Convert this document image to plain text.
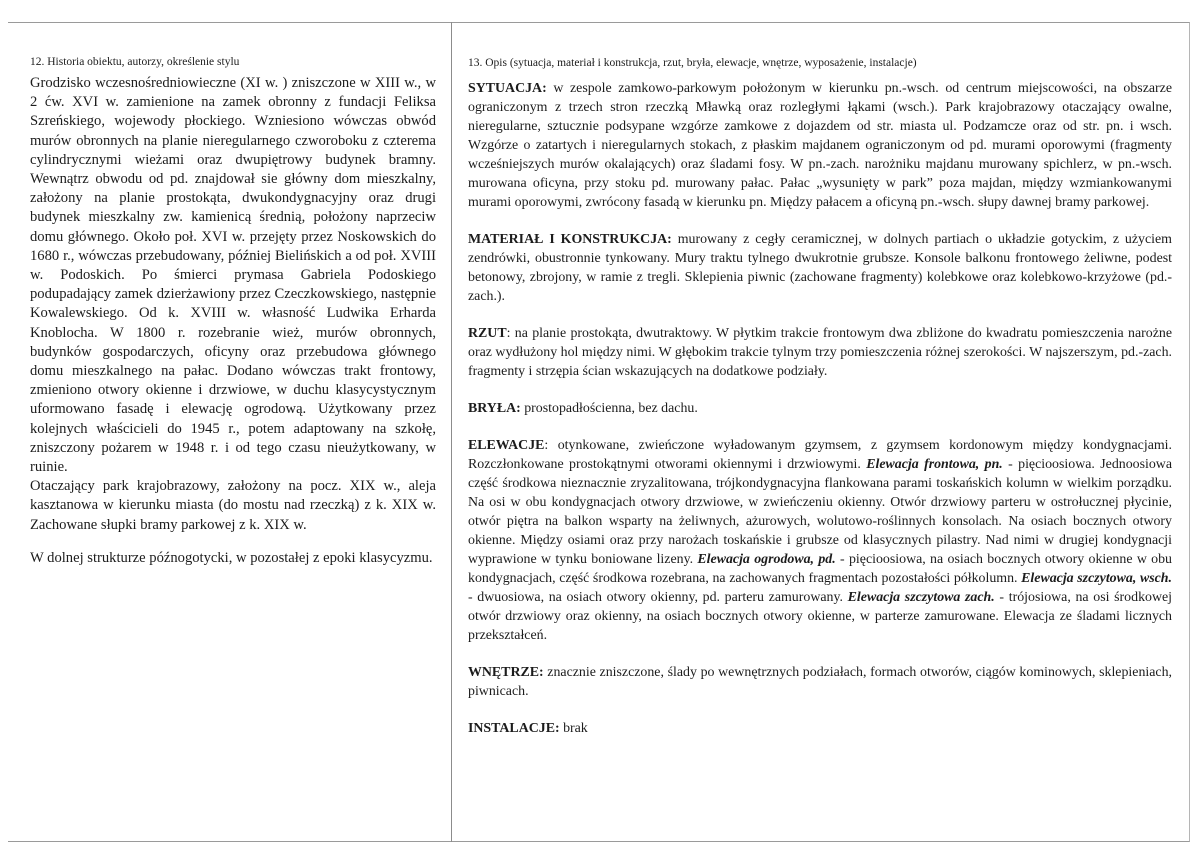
12. Historia obiektu, autorzy, określenie stylu

Grodzisko wczesnośredniowieczne (XI w. ) zniszczone w XIII w., w 2 ćw. XVI w. zamienione na zamek obronny z fundacji Feliksa Szreńskiego, wojewody płockiego. Wzniesiono wówczas obwód murów obronnych na planie nieregularnego czworoboku z czterema cylindrycznymi wieżami oraz dwupiętrowy budynek bramny. Wewnątrz obwodu od pd. znajdował sie główny dom mieszkalny, założony na planie prostokąta, dwukondygnacyjny oraz drugi budynek mieszkalny zw. kamienicą średnią, położony naprzeciw domu głównego. Około poł. XVI w. przejęty przez Noskowskich do 1680 r., wówczas przebudowany, później Bielińskich a od poł. XVIII w. Podoskich. Po śmierci prymasa Gabriela Podoskiego podupadający zamek dzierżawiony przez Czeczkowskiego, następnie Kowalewskiego. Od k. XVIII w. własność Ludwika Erharda Knoblocha. W 1800 r. rozebranie wież, murów obronnych, budynków gospodarczych, oficyny oraz przebudowa głównego domu mieszkalnego na pałac. Dodano wówczas trakt frontowy, zmieniono otwory okienne i drzwiowe, w duchu klasycystycznym uformowano fasadę i elewację ogrodową. Użytkowany przez kolejnych właścicieli do 1945 r., potem adaptowany na szkołę, zniszczony pożarem w 1948 r. i od tego czasu nieużytkowany, w ruinie.

Otaczający park krajobrazowy, założony na pocz. XIX w., aleja kasztanowa w kierunku miasta (do mostu nad rzeczką) z k. XIX w. Zachowane słupki bramy parkowej z k. XIX w.

W dolnej strukturze późnogotycki, w pozostałej z epoki klasycyzmu.

13. Opis (sytuacja, materiał i konstrukcja, rzut, bryła, elewacje, wnętrze, wyposażenie, instalacje)

SYTUACJA: w zespole zamkowo-parkowym położonym w kierunku pn.-wsch. od centrum miejscowości, na obszarze ograniczonym z trzech stron rzeczką Mławką oraz rozległymi łąkami (wsch.). Park krajobrazowy otaczający owalne, nieregularne, sztucznie podsypane wzgórze zamkowe z dojazdem od str. miasta ul. Podzamcze oraz od str. pn. i wsch. Wzgórze o zatartych i nieregularnych stokach, z płaskim majdanem ograniczonym od pd. murami oporowymi (fragmenty wcześniejszych murów okalających) oraz śladami fosy. W pn.-zach. narożniku majdanu murowany spichlerz, w pn.-wsch. murowana oficyna, przy stoku pd. murowany pałac. Pałac „wysunięty w park” poza majdan, między wzmiankowanymi murami oporowymi, zwrócony fasadą w kierunku pn. Między pałacem a oficyną pn.-wsch. słupy dawnej bramy parkowej.

MATERIAŁ I KONSTRUKCJA: murowany z cegły ceramicznej, w dolnych partiach o układzie gotyckim, z użyciem zendrówki, obustronnie tynkowany. Mury traktu tylnego dwukrotnie grubsze. Konsole balkonu frontowego żeliwne, podest betonowy, zbrojony, w ramie z tregli. Sklepienia piwnic (zachowane fragmenty) kolebkowe oraz kolebkowo-krzyżowe (pd.-zach.).

RZUT: na planie prostokąta, dwutraktowy. W płytkim trakcie frontowym dwa zbliżone do kwadratu pomieszczenia narożne oraz wydłużony hol między nimi. W głębokim trakcie tylnym trzy pomieszczenia różnej szerokości. W najszerszym, pd.-zach. fragmenty i strzępia ścian wskazujących na dodatkowe podziały.

BRYŁA: prostopadłościenna, bez dachu.

ELEWACJE: otynkowane, zwieńczone wyładowanym gzymsem, z gzymsem kordonowym między kondygnacjami. Rozczłonkowane prostokątnymi otworami okiennymi i drzwiowymi. Elewacja frontowa, pn. - pięcioosiowa. Jednoosiowa część środkowa nieznacznie zryzalitowana, trójkondygnacyjna flankowana parami toskańskich kolumn w wielkim porządku. Na osi w obu kondygnacjach otwory drzwiowe, w zwieńczeniu okienny. Otwór drzwiowy parteru w ostrołucznej płycinie, otwór piętra na balkon wsparty na żeliwnych, ażurowych, wolutowo-roślinnych konsolach. Na osiach bocznych otwory okienne. Między osiami oraz przy narożach toskańskie i grubsze od klasycznych pilastry. Nad nimi w drugiej kondygnacji wyprawione w tynku boniowane lizeny. Elewacja ogrodowa, pd. - pięcioosiowa, na osiach bocznych otwory okienne w obu kondygnacjach, część środkowa rozebrana, na zachowanych fragmentach pozostałości półkolumn. Elewacja szczytowa, wsch. - dwuosiowa, na osiach otwory okienny, pd. parteru zamurowany. Elewacja szczytowa zach. - trójosiowa, na osi środkowej otwór drzwiowy oraz okienny, na osiach bocznych otwory okienne, w parterze zamurowane. Elewacja ze śladami licznych przekształceń.

WNĘTRZE: znacznie zniszczone, ślady po wewnętrznych podziałach, formach otworów, ciągów kominowych, sklepieniach, piwnicach.

INSTALACJE: brak
